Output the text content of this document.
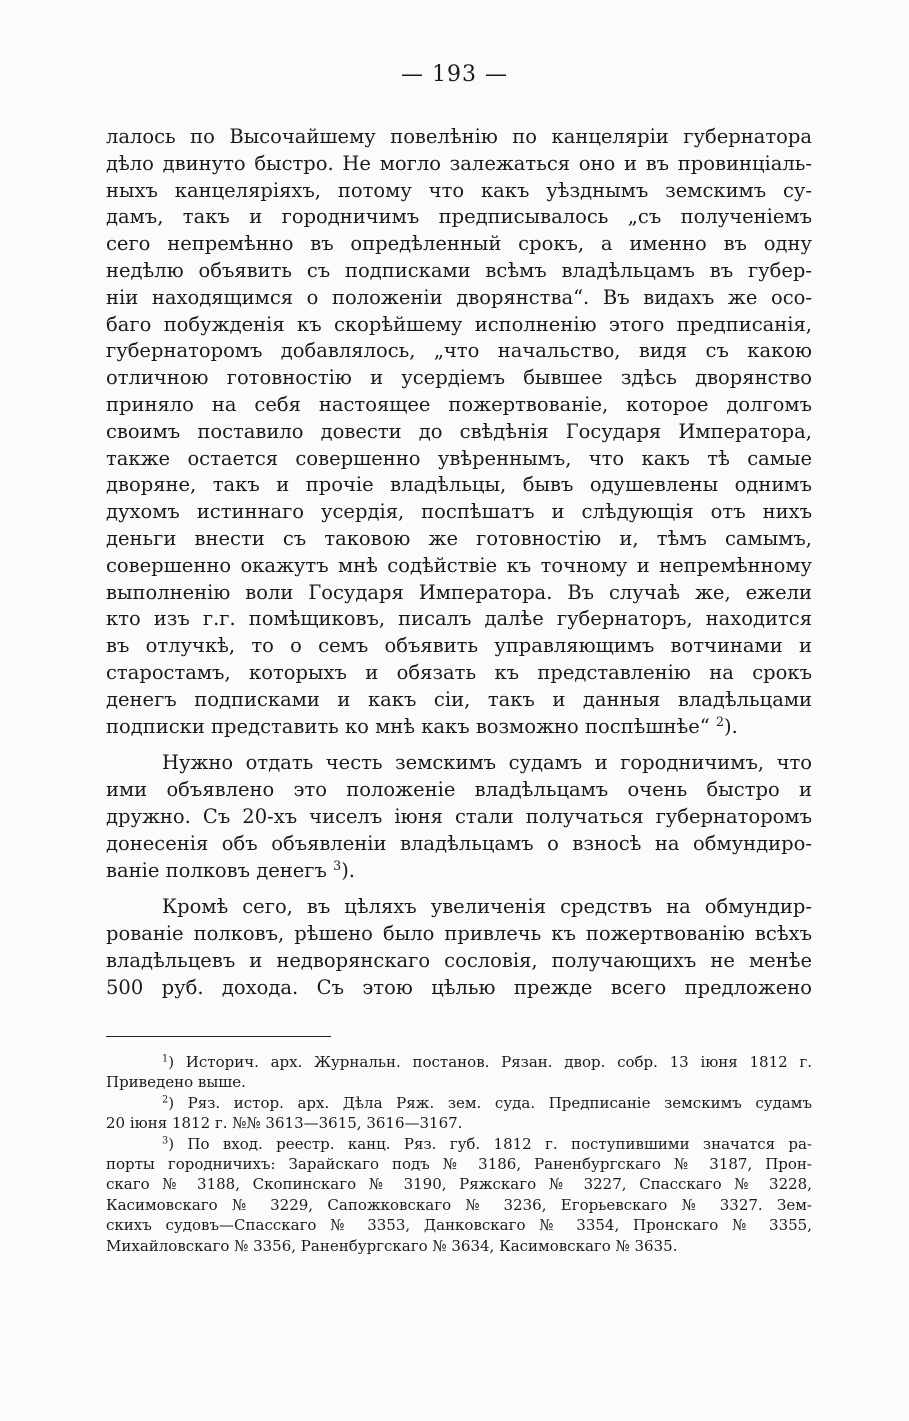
— 193 —
лалось по Высочайшему повелѣнію по канцеляріи губернатора
дѣло двинуто быстро. Не могло залежаться оно и въ провинціаль-
ныхъ канцеляріяхъ, потому что какъ уѣзднымъ земскимъ су-
дамъ, такъ и городничимъ предписывалось „съ полученіемъ
сего непремѣнно въ опредѣленный срокъ, а именно въ одну
недѣлю объявить съ подписками всѣмъ владѣльцамъ въ губер-
ніи находящимся о положеніи дворянства“. Въ видахъ же осо-
баго побужденія къ скорѣйшему исполненію этого предписанія,
губернаторомъ добавлялось, „что начальство, видя съ какою
отличною готовностію и усердіемъ бывшее здѣсь дворянство
приняло на себя настоящее пожертвованіе, которое долгомъ
своимъ поставило довести до свѣдѣнія Государя Императора,
также остается совершенно увѣреннымъ, что какъ тѣ самые
дворяне, такъ и прочіе владѣльцы, бывъ одушевлены однимъ
духомъ истиннаго усердія, поспѣшатъ и слѣдующія отъ нихъ
деньги внести съ таковою же готовностію и, тѣмъ самымъ,
совершенно окажутъ мнѣ содѣйствіе къ точному и непремѣнному
выполненію воли Государя Императора. Въ случаѣ же, ежели
кто изъ г.г. помѣщиковъ, писалъ далѣе губернаторъ, находится
въ отлучкѣ, то о семъ объявить управляющимъ вотчинами и
старостамъ, которыхъ и обязать къ представленію на срокъ
денегъ подписками и какъ сіи, такъ и данныя владѣльцами
подписки представить ко мнѣ какъ возможно поспѣшнѣе“ $^2$).
Нужно отдать честь земскимъ судамъ и городничимъ, что
ими объявлено это положеніе владѣльцамъ очень быстро и
дружно. Съ 20-хъ чиселъ іюня стали получаться губернаторомъ
донесенія объ объявленіи владѣльцамъ о взносѣ на обмундиро-
ваніе полковъ денегъ $^3$).
Кромѣ сего, въ цѣляхъ увеличенія средствъ на обмундир-
рованіе полковъ, рѣшено было привлечь къ пожертвованію всѣхъ
владѣльцевъ и недворянскаго сословія, получающихъ не менѣе
500 руб. дохода. Съ этою цѣлью прежде всего предложено
$^1$) Историч. арх. Журнальн. постанов. Рязан. двор. собр. 13 іюня 1812 г.
Приведено выше.
$^2$) Ряз. истор. арх. Дѣла Ряж. зем. суда. Предписаніе земскимъ судамъ
20 іюня 1812 г. №№ 3613—3615, 3616—3167.
$^3$) По вход. реестр. канц. Ряз. губ. 1812 г. поступившими значатся ра-
порты городничихъ: Зарайскаго подъ № 3186, Раненбургскаго № 3187, Прон-
скаго № 3188, Скопинскаго № 3190, Ряжскаго № 3227, Спасскаго № 3228,
Касимовскаго № 3229, Сапожковскаго № 3236, Егорьевскаго № 3327. Зем-
скихъ судовъ—Спасскаго № 3353, Данковскаго № 3354, Пронскаго № 3355,
Михайловскаго № 3356, Раненбургскаго № 3634, Касимовскаго № 3635.
